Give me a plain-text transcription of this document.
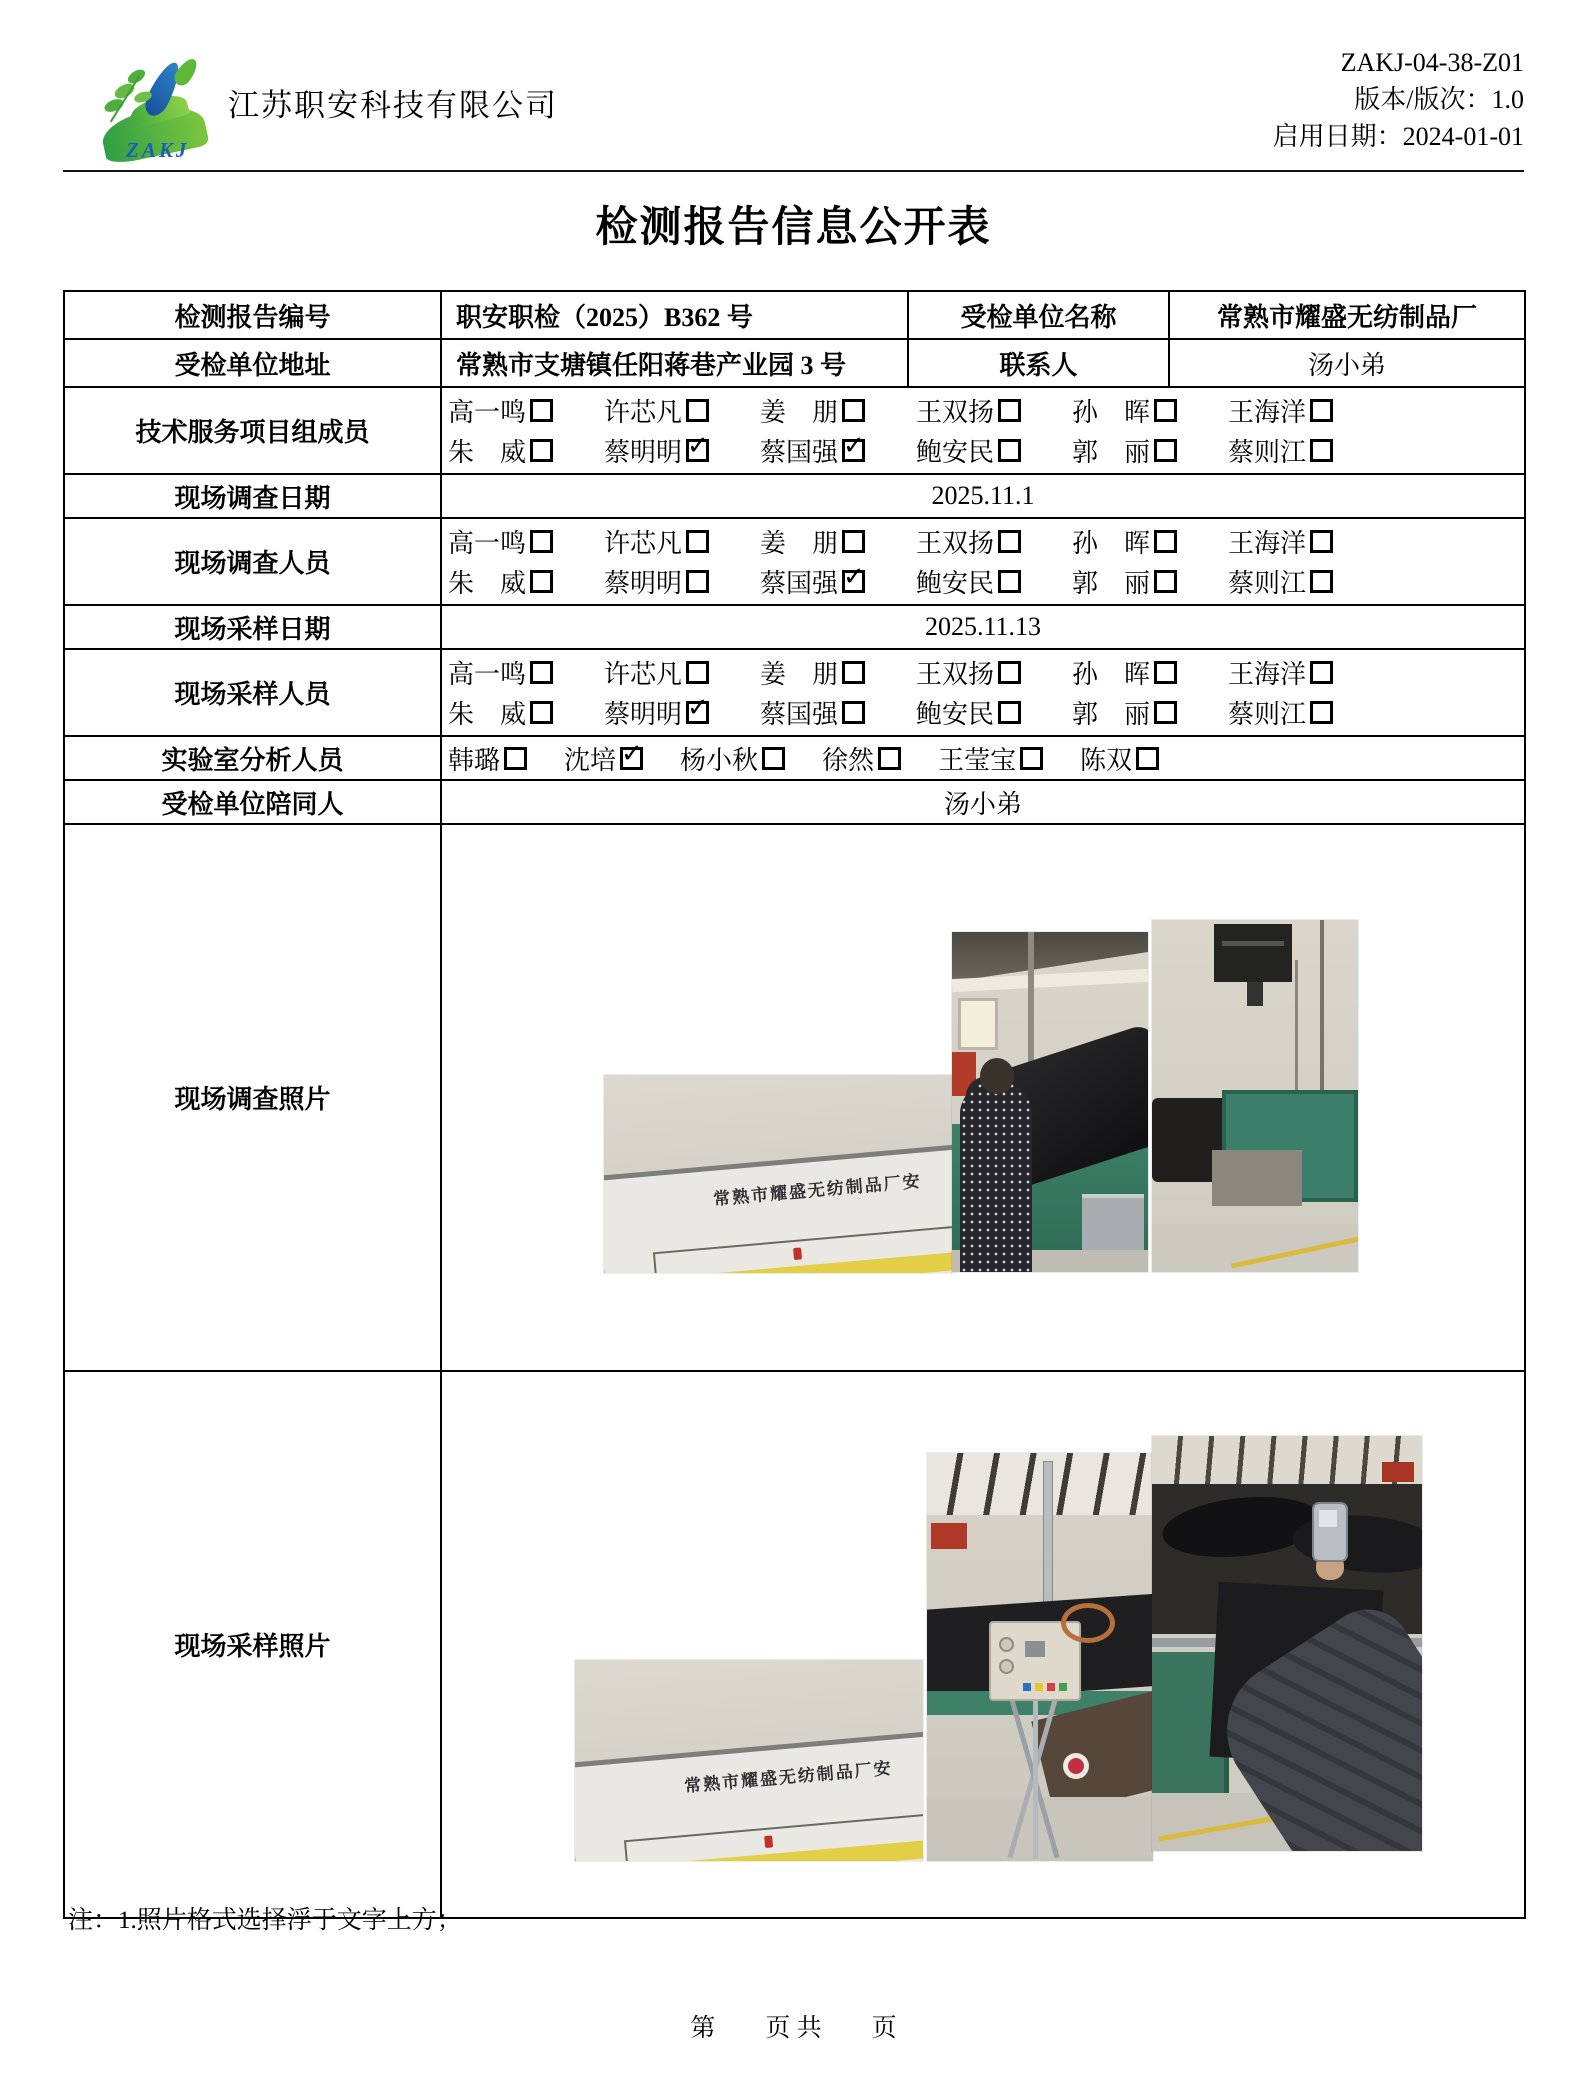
ZAKJ
江苏职安科技有限公司
ZAKJ-04-38-Z01
版本/版次：1.0
启用日期：2024-01-01
检测报告信息公开表
检测报告编号	职安职检（2025）B362 号	受检单位名称	常熟市耀盛无纺制品厂
受检单位地址	常熟市支塘镇任阳蒋巷产业园 3 号	联系人	汤小弟
技术服务项目组成员	
高一鸣	许芯凡	姜　朋	王双扬	孙　晖	王海洋
朱　威	蔡明明 ✓ 蔡国强 ✓ 鲍安民	郭　丽	蔡则江

现场调查日期	2025.11.1		
现场调查人员	
高一鸣	许芯凡	姜　朋	王双扬	孙　晖	王海洋
朱　威	蔡明明	蔡国强 ✓ 鲍安民	郭　丽	蔡则江

现场采样日期	2025.11.13		
现场采样人员	
高一鸣	许芯凡	姜　朋	王双扬	孙　晖	王海洋
朱　威	蔡明明 ✓ 蔡国强	鲍安民	郭　丽	蔡则江

实验室分析人员	韩璐 沈培 ✓ 杨小秋 徐然 王莹宝 陈双

受检单位陪同人	汤小弟		
现场调查照片	常熟市耀盛无纺制品厂安		

现场采样照片	常熟市耀盛无纺制品厂安		
注：1.照片格式选择浮于文字上方；
第　　页 共　　页
